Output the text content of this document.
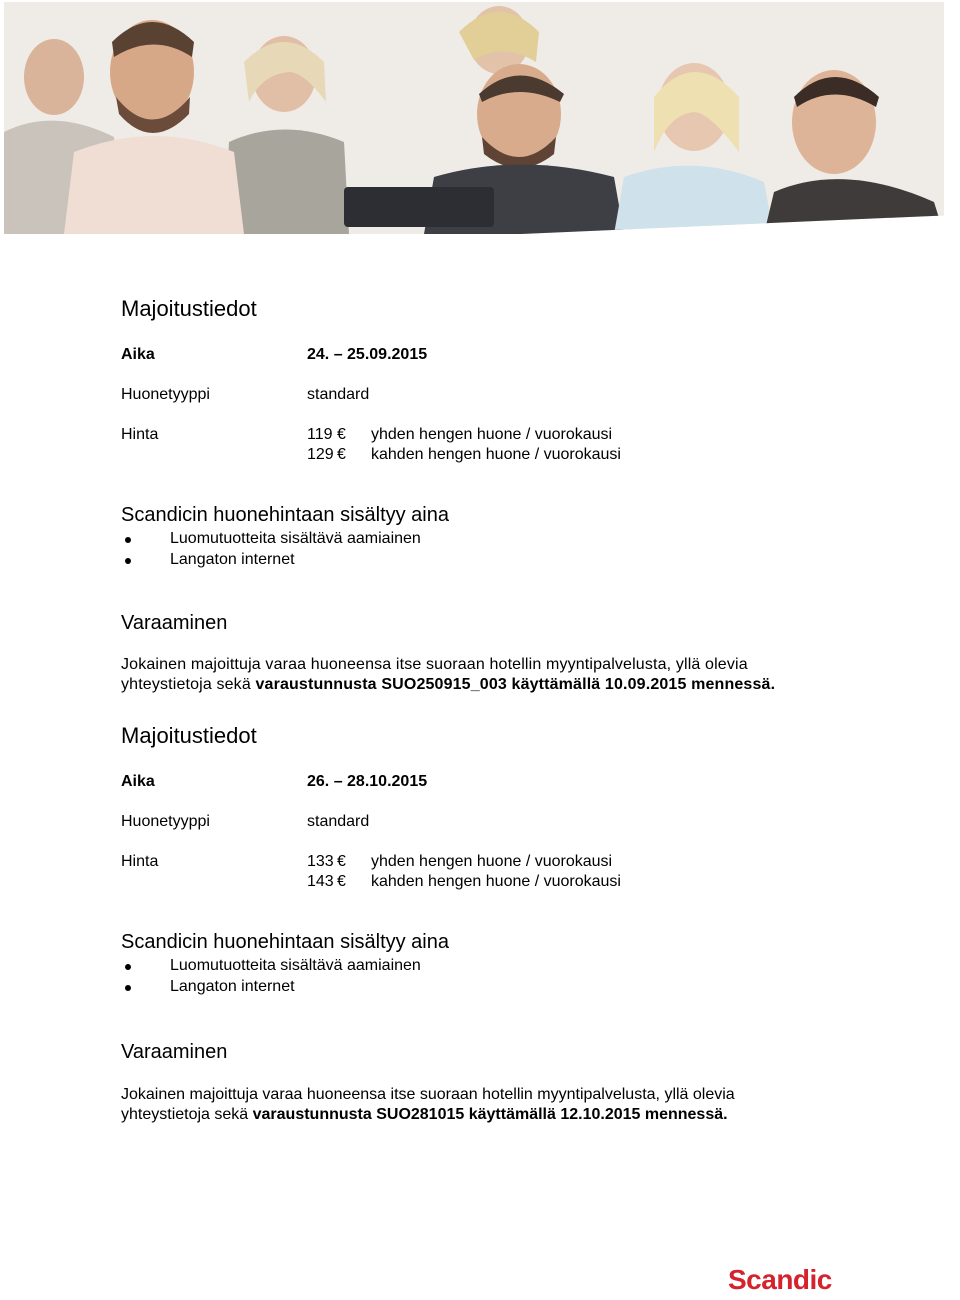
Majoitustiedot
Aika	24. – 25.09.2015
Huonetyyppi	standard
Hinta	119 € yhden hengen huone / vuorokausi
129 € kahden hengen huone / vuorokausi
Scandicin huonehintaan sisältyy aina
Luomutuotteita sisältävä aamiainen
Langaton internet
Varaaminen
Jokainen majoittuja varaa huoneensa itse suoraan hotellin myyntipalvelusta, yllä olevia
yhteystietoja sekä varaustunnusta SUO250915_003 käyttämällä 10.09.2015 mennessä.
Majoitustiedot
Aika	26. – 28.10.2015
Huonetyyppi	standard
Hinta	133 € yhden hengen huone / vuorokausi
143 € kahden hengen huone / vuorokausi
Scandicin huonehintaan sisältyy aina
Luomutuotteita sisältävä aamiainen
Langaton internet
Varaaminen
Jokainen majoittuja varaa huoneensa itse suoraan hotellin myyntipalvelusta, yllä olevia
yhteystietoja sekä varaustunnusta SUO281015 käyttämällä 12.10.2015 mennessä.
Scandic
